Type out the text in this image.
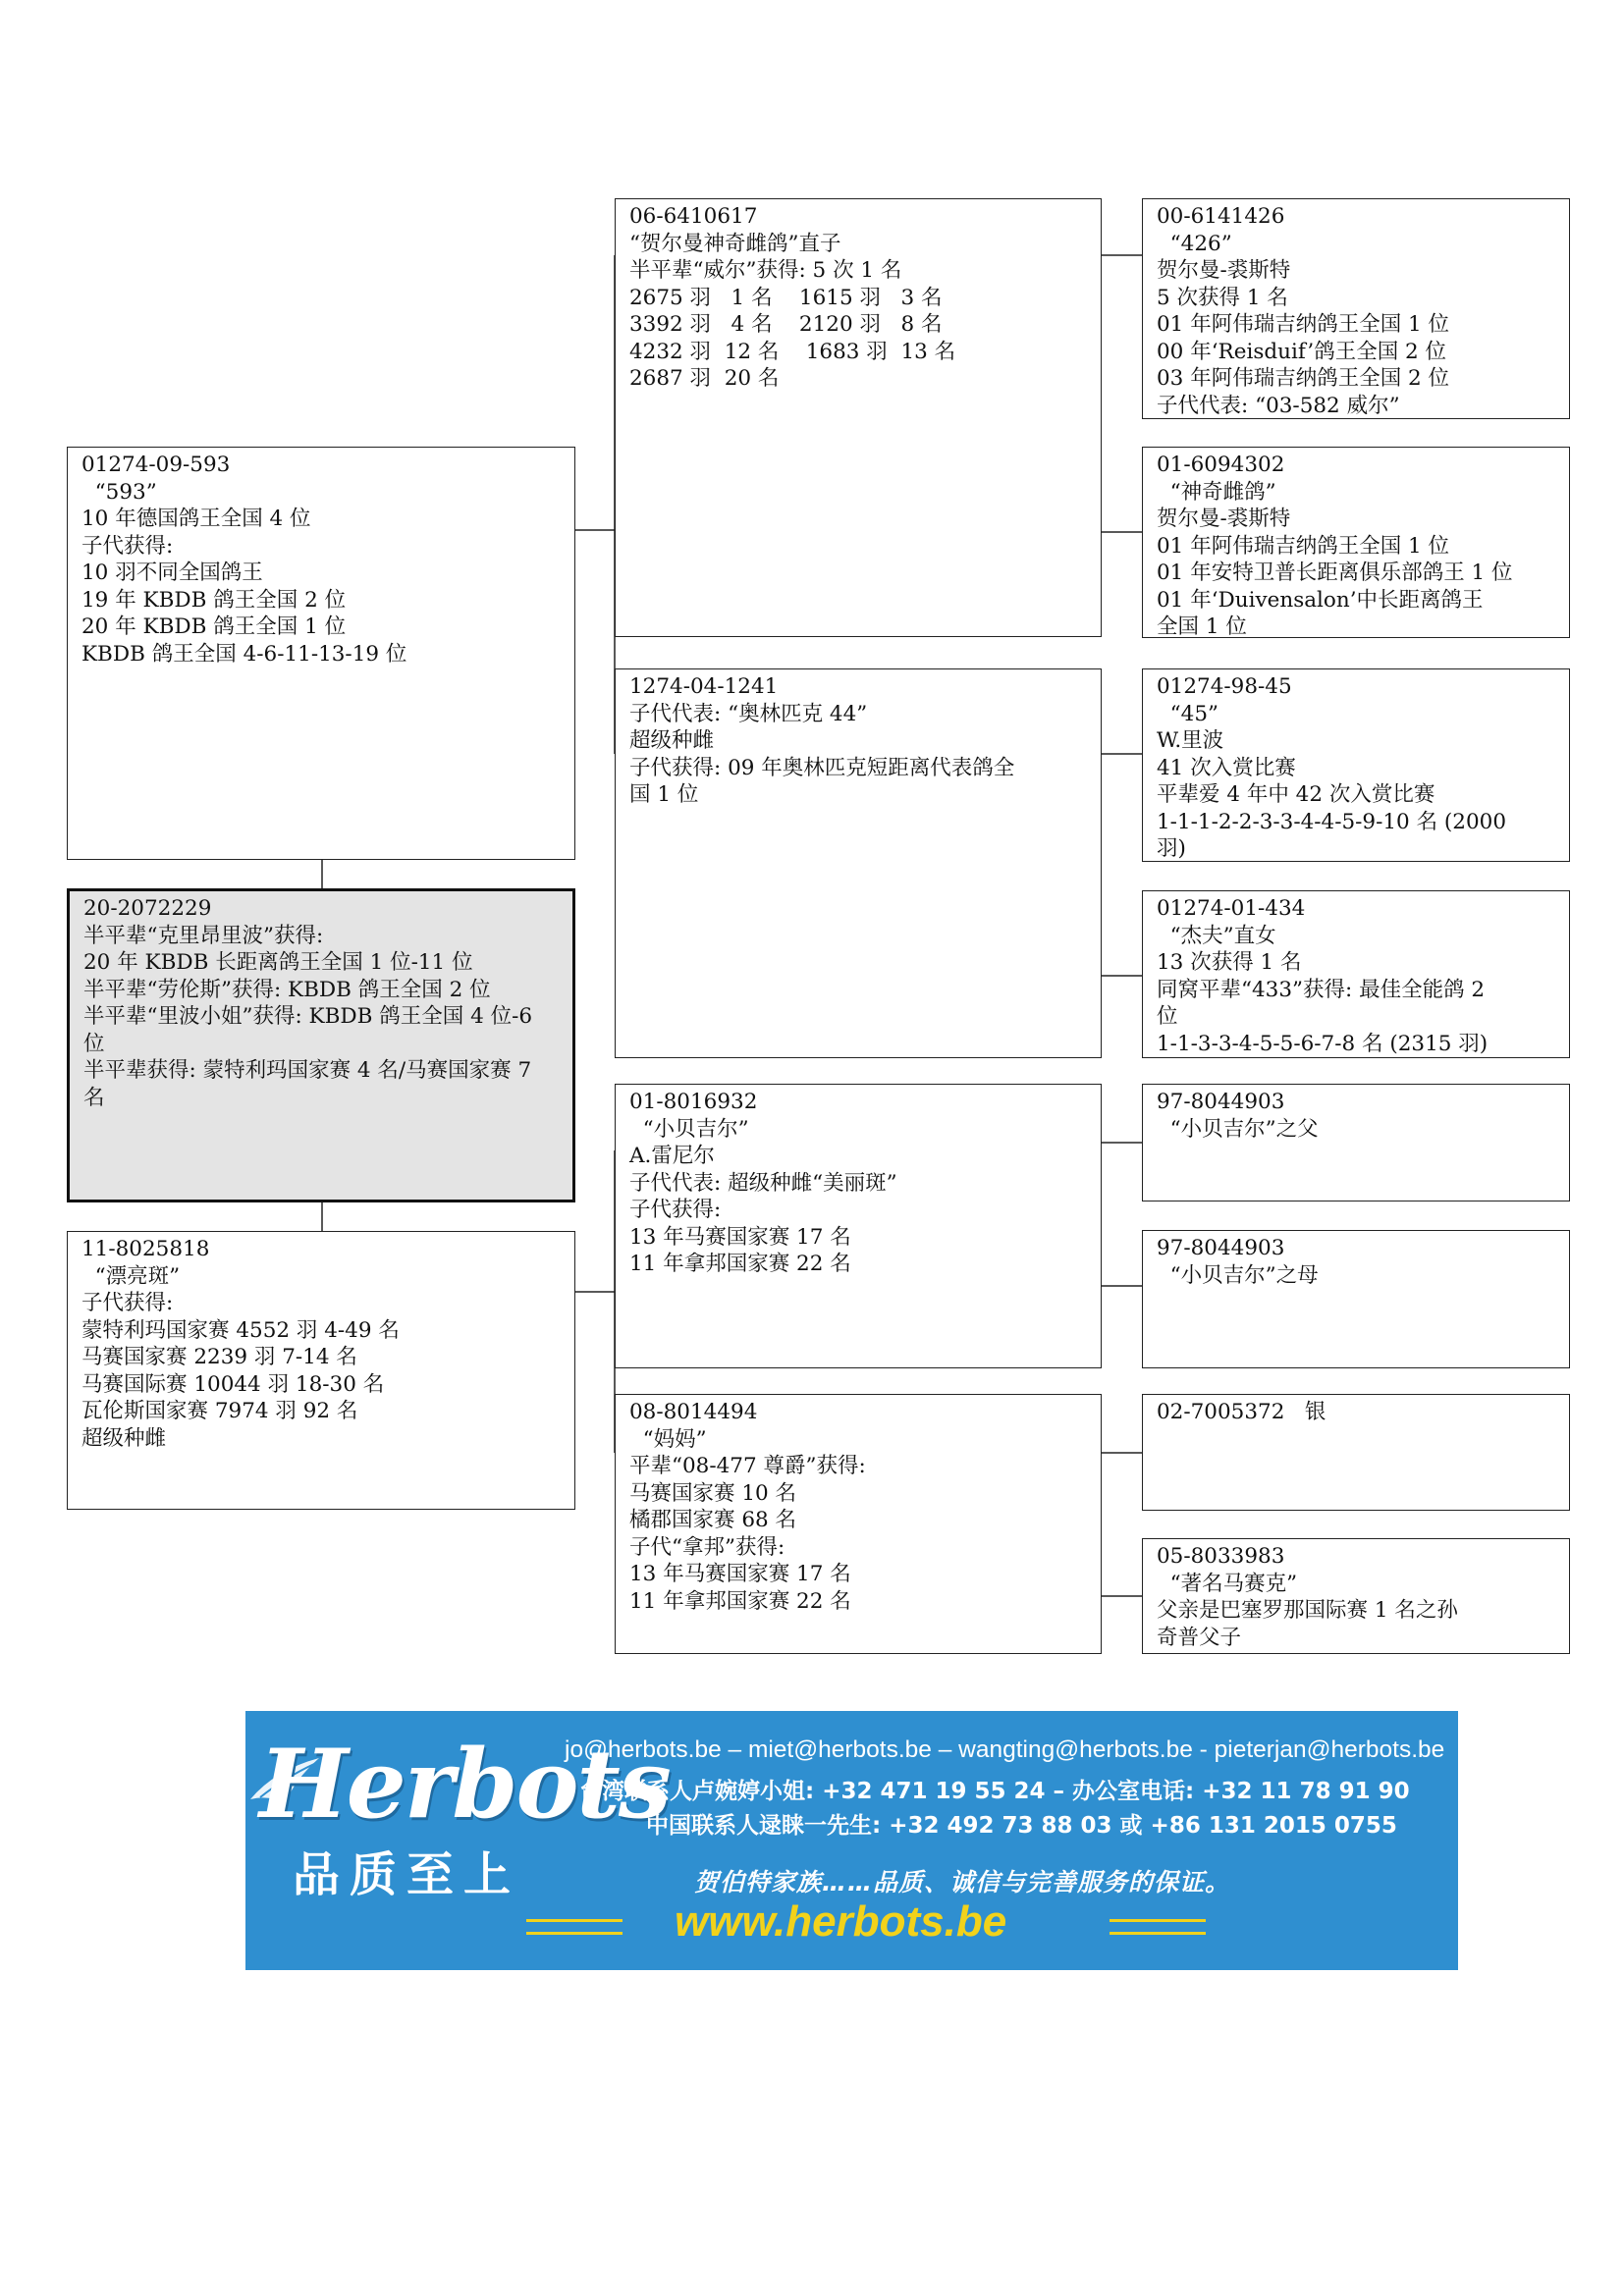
01274-09-593
“593”
10 年德国鸽王全国 4 位
子代获得:
10 羽不同全国鸽王
19 年 KBDB 鸽王全国 2 位
20 年 KBDB 鸽王全国 1 位
KBDB 鸽王全国 4-6-11-13-19 位
20-2072229
半平辈“克里昂里波”获得:
20 年 KBDB 长距离鸽王全国 1 位-11 位
半平辈“劳伦斯”获得: KBDB 鸽王全国 2 位
半平辈“里波小姐”获得: KBDB 鸽王全国 4 位-6 位
半平辈获得: 蒙特利玛国家赛 4 名/马赛国家赛 7 名
11-8025818
“漂亮斑”
子代获得:
蒙特利玛国家赛 4552 羽 4-49 名
马赛国家赛 2239 羽 7-14 名
马赛国际赛 10044 羽 18-30 名
瓦伦斯国家赛 7974 羽 92 名
超级种雌
06-6410617
“贺尔曼神奇雌鸽”直子
半平辈“威尔”获得: 5 次 1 名
2675 羽   1 名    1615 羽   3 名
3392 羽   4 名    2120 羽   8 名
4232 羽  12 名    1683 羽  13 名
2687 羽  20 名
1274-04-1241
子代代表: “奥林匹克 44”
超级种雌
子代获得: 09 年奥林匹克短距离代表鸽全
国 1 位
01-8016932
“小贝吉尔”
A.雷尼尔
子代代表: 超级种雌“美丽斑”
子代获得:
13 年马赛国家赛 17 名
11 年拿邦国家赛 22 名
08-8014494
“妈妈”
平辈“08-477 尊爵”获得:
马赛国家赛 10 名
橘郡国家赛 68 名
子代“拿邦”获得:
13 年马赛国家赛 17 名
11 年拿邦国家赛 22 名
00-6141426
“426”
贺尔曼-裘斯特
5 次获得 1 名
01 年阿伟瑞吉纳鸽王全国 1 位
00 年‘Reisduif’鸽王全国 2 位
03 年阿伟瑞吉纳鸽王全国 2 位
子代代表: “03-582 威尔”
01-6094302
“神奇雌鸽”
贺尔曼-裘斯特
01 年阿伟瑞吉纳鸽王全国 1 位
01 年安特卫普长距离俱乐部鸽王 1 位
01 年‘Duivensalon’中长距离鸽王
全国 1 位
01274-98-45
“45”
W.里波
41 次入赏比赛
平辈爱 4 年中 42 次入赏比赛
1-1-1-2-2-3-3-4-4-5-9-10 名 (2000
羽)
01274-01-434
“杰夫”直女
13 次获得 1 名
同窝平辈“433”获得: 最佳全能鸽 2
位
1-1-3-3-4-5-5-6-7-8 名 (2315 羽)
97-8044903
“小贝吉尔”之父
97-8044903
“小贝吉尔”之母
02-7005372   银
05-8033983
“著名马赛克”
父亲是巴塞罗那国际赛 1 名之孙
奇普父子
Herbots
品质至上
jo@herbots.be – miet@herbots.be – wangting@herbots.be - pieterjan@herbots.be
台湾联系人卢婉婷小姐: +32 471 19 55 24 – 办公室电话: +32 11 78 91 90
中国联系人逯睐一先生: +32 492 73 88 03 或 +86 131 2015 0755
贺伯特家族……品质、诚信与完善服务的保证。
www.herbots.be
